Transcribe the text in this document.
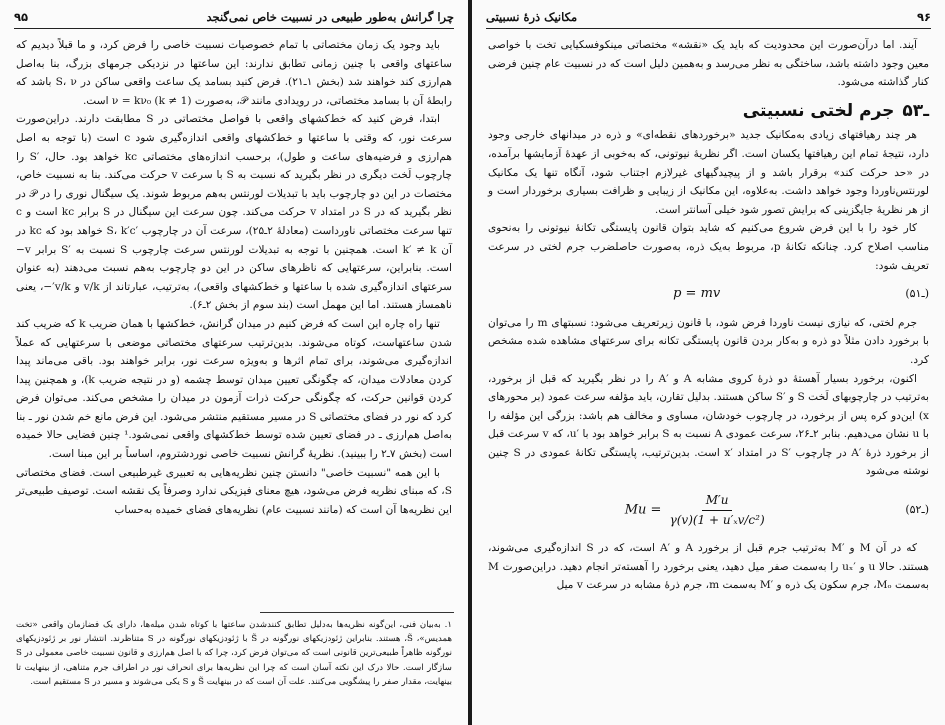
چرا گرانش به‌طور طبیعی در نسبیت خاص نمی‌گنجد
۹۵

باید وجود یک زمان مختصاتی با تمام خصوصیات نسبیت خاصی را فرض کرد، و ما قبلاً دیدیم که ساعتهای واقعی با چنین زمانی تطابق ندارند: این ساعتها در نزدیکی جرمهای بزرگ، بنا به‌اصل هم‌ارزی کند خواهند شد (بخش ۱ـ۲۱). فرض کنید بسامد یک ساعت واقعی ساکن در S، ν باشد که رابطهٔ آن با بسامد مختصاتی، در رویدادی مانند 𝒫، به‌صورت ν = kν₀ (k ≠ 1) است.

ابتدا، فرض کنید که خط‌کشهای واقعی با فواصل مختصاتی در S مطابقت دارند. دراین‌صورت سرعت نور، که وقتی با ساعتها و خط‌کشهای واقعی اندازه‌گیری شود c است (با توجه به اصل هم‌ارزی و فرضیه‌های ساعت و طول)، برحسب اندازه‌های مختصاتی kc خواهد بود. حال، ′S را چارچوب لَخت دیگری در نظر بگیرید که نسبت به S با سرعت v حرکت می‌کند. بنا به نسبیت خاص، مختصات در این دو چارچوب باید با تبدیلات لورنتس به‌هم مربوط شوند. یک سیگنال نوری را در 𝒫 در نظر بگیرید که در S در امتداد v حرکت می‌کند. چون سرعت این سیگنال در S برابر kc است و c تنها سرعت مختصاتی ناورداست (معادلهٔ ۲ـ۲۵)، سرعت آن در چارچوب ′S، k′c خواهد بود که kc در آن k′ ≠ k است. همچنین با توجه به تبدیلات لورنتس سرعت چارچوب S نسبت به ′S برابر v− است. بنابراین، سرعتهایی که ناظرهای ساکن در این دو چارچوب به‌هم نسبت می‌دهند (به عنوان سرعتهای اندازه‌گیری شده با ساعتها و خط‌کشهای واقعی)، به‌ترتیب، عبارتاند از v/k و v/k′−، یعنی ناهمساز هستند. اما این مهمل است (بند سوم از بخش ۲ـ۶).

تنها راه چاره این است که فرض کنیم در میدان گرانش، خط‌کشها با همان ضریب k که ضریب کند شدن ساعتهاست، کوتاه می‌شوند. بدین‌ترتیب سرعتهای مختصاتی موضعی با سرعتهایی که عملاً اندازه‌گیری می‌شوند، برای تمام اثرها و به‌ویژه سرعت نور، برابر خواهند بود. باقی می‌ماند پیدا کردن معادلات میدان، که چگونگی تعیین میدان توسط چشمه (و در نتیجه ضریب k)، و همچنین پیدا کردن قوانین حرکت، که چگونگی حرکت ذرات آزمون در میدان را مشخص می‌کند. می‌توان فرض کرد که نور در فضای مختصاتی S در مسیر مستقیم منتشر می‌شود. این فرض مانع خم شدن نور ـ بنا به‌اصل هم‌ارزی ـ در فضای تعیین شده توسط خط‌کشهای واقعی نمی‌شود.¹ چنین فضایی حالا خمیده است (بخش ۷ـ۲ را ببینید). نظریهٔ گرانش نسبیت خاصی نوردشتروم، اساساً بر این مبنا است.

با این همه "نسبیت خاصی" دانستن چنین نظریه‌هایی به تعبیری غیرطبیعی است. فضای مختصاتی S، که مبنای نظریه فرض می‌شود، هیچ معنای فیزیکی ندارد وصرفاً یک نقشه است. توصیف طبیعی‌تر این نظریه‌ها آن است که (مانند نسبیت عام) نظریه‌های فضای خمیده به‌حساب

۱. به‌بیان فنی، این‌گونه نظریه‌ها به‌دلیل تطابق کنندشدن ساعتها با کوتاه شدن میله‌ها، دارای یک فضازمان واقعی «تخت همدیس»، S̃، هستند. بنابراین ژئودزیکهای نورگونه در S̃ با ژئودزیکهای نورگونه در S متناظرند. انتشار نور بر ژئودزیکهای نورگونه ظاهراً طبیعی‌ترین قانونی است که می‌توان فرض کرد، چرا که با اصل هم‌ارزی و قانون نسبیت خاصی معمولی در S سازگار است. حالا درک این نکته آسان است که چرا این نظریه‌ها برای انحراف نور در اطراف جرم متناهی، از بینهایت تا بینهایت، مقدار صفر را پیشگویی می‌کنند. علت آن است که در بینهایت S̃ و S یکی می‌شوند و مسیر در S مستقیم است.

۹۶
مکانیک ذرهٔ نسبیتی

آیند. اما درآن‌صورت این محدودیت که باید یک «نقشه» مختصاتی مینکوفسکیایی تخت با خواصی معین وجود داشته باشد، ساختگی به نظر می‌رسد و به‌همین دلیل است که در نسبیت عام چنین فرضی کنار گذاشته می‌شود.

۵ـ۳
جرم لختی نسبیتی

هر چند رهیافتهای زیادی به‌مکانیک جدید «برخوردهای نقطه‌ای» و ذره در میدانهای خارجی وجود دارد، نتیجهٔ تمام این رهیافتها یکسان است. اگر نظریهٔ نیوتونی، که به‌خوبی از عهدهٔ آزمایشها برآمده، در «حد حرکت کند» برقرار باشد و از پیچیدگیهای غیرلازم اجتناب شود، آنگاه تنها یک مکانیک لورنتس‌ناوردا وجود خواهد داشت. به‌علاوه، این مکانیک از زیبایی و ظرافت بسیاری برخوردار است و از هر نظریهٔ جایگزینی که برایش تصور شود خیلی آسانتر است.

کار خود را با این فرض شروع می‌کنیم که شاید بتوان قانون پایستگی تکانهٔ نیوتونی را به‌نحوی مناسب اصلاح کرد. چنانکه تکانهٔ p، مربوط به‌یک ذره، به‌صورت حاصلضرب جرم لختی در سرعت تعریف شود:

p = mv	(۵ـ۱)

جرم لختی، که نیازی نیست ناوردا فرض شود، با قانون زیرتعریف می‌شود: نسبتهای m را می‌توان با برخورد دادن مثلاً دو ذره و به‌کار بردن قانون پایستگی تکانه برای سرعتهای مشاهده شده مشخص کرد.

اکنون، برخورد بسیار آهستهٔ دو ذرهٔ کروی مشابه A و ′A را در نظر بگیرید که قبل از برخورد، به‌ترتیب در چارچوبهای لَخت S و ′S ساکن هستند. بدلیل تقارن، باید مؤلفه سرعت عمود (بر محورهای x) این‌دو کره پس از برخورد، در چارچوب خودشان، مساوی و مخالف هم باشد: بزرگی این مؤلفه را با u نشان می‌دهیم. بنابر ۲ـ۲۶، سرعت عمودی A نسبت به S برابر خواهد بود با ′u، که v سرعت قبل از برخورد ذرهٔ ′A در چارچوب ′S در امتداد ′x است. بدین‌ترتیب، پایستگی تکانهٔ عمودی در S چنین نوشته می‌شود

$Mu = \frac{M'u}{\text{γ(v)(1 + u′ₓv/c²)}}$	(۵ـ۲)

که در آن M و ′M به‌ترتیب جرم قبل از برخورد A و ′A است، که در S اندازه‌گیری می‌شوند، هستند. حالا u و ′uₓ را به‌سمت صفر میل دهید، یعنی برخورد را آهسته‌تر انجام دهید. دراین‌صورت M به‌سمت Mₒ، جرم سکون یک ذره و ′M به‌سمت m، جرم ذرهٔ مشابه در سرعت v میل
